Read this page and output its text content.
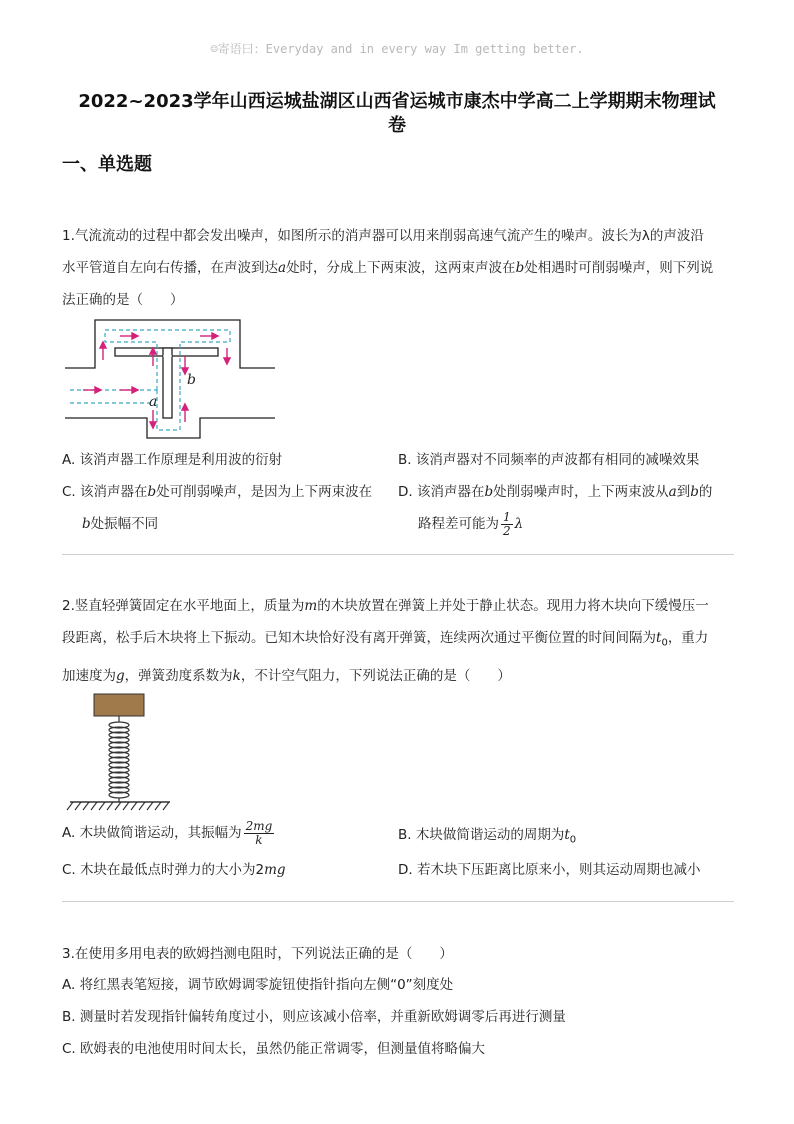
☺寄语曰：Everyday and in every way Im getting better.
2022~2023学年山西运城盐湖区山西省运城市康杰中学高二上学期期末物理试
卷
一、单选题
1.气流流动的过程中都会发出噪声，如图所示的消声器可以用来削弱高速气流产生的噪声。波长为λ的声波沿
水平管道自左向右传播，在声波到达a处时，分成上下两束波，这两束声波在b处相遇时可削弱噪声，则下列说
法正确的是（　　）
b
a
A. 该消声器工作原理是利用波的衍射	B. 该消声器对不同频率的声波都有相同的减噪效果
C. 该消声器在b处可削弱噪声，是因为上下两束波在
b处振幅不同
D. 该消声器在b处削弱噪声时，上下两束波从a到b的
路程差可能为 $\frac{1}{2}$ λ
2.竖直轻弹簧固定在水平地面上，质量为m的木块放置在弹簧上并处于静止状态。现用力将木块向下缓慢压一
段距离，松手后木块将上下振动。已知木块恰好没有离开弹簧，连续两次通过平衡位置的时间间隔为$t_0$，重力
加速度为g，弹簧劲度系数为k，不计空气阻力，下列说法正确的是（　　）
A. 木块做简谐运动，其振幅为 $\frac{2mg}{k}$	B. 木块做简谐运动的周期为$t_0$
C. 木块在最低点时弹力的大小为2mg	D. 若木块下压距离比原来小，则其运动周期也减小
3.在使用多用电表的欧姆挡测电阻时，下列说法正确的是（　　）
A. 将红黑表笔短接，调节欧姆调零旋钮使指针指向左侧“0”刻度处
B. 测量时若发现指针偏转角度过小，则应该减小倍率，并重新欧姆调零后再进行测量
C. 欧姆表的电池使用时间太长，虽然仍能正常调零，但测量值将略偏大
